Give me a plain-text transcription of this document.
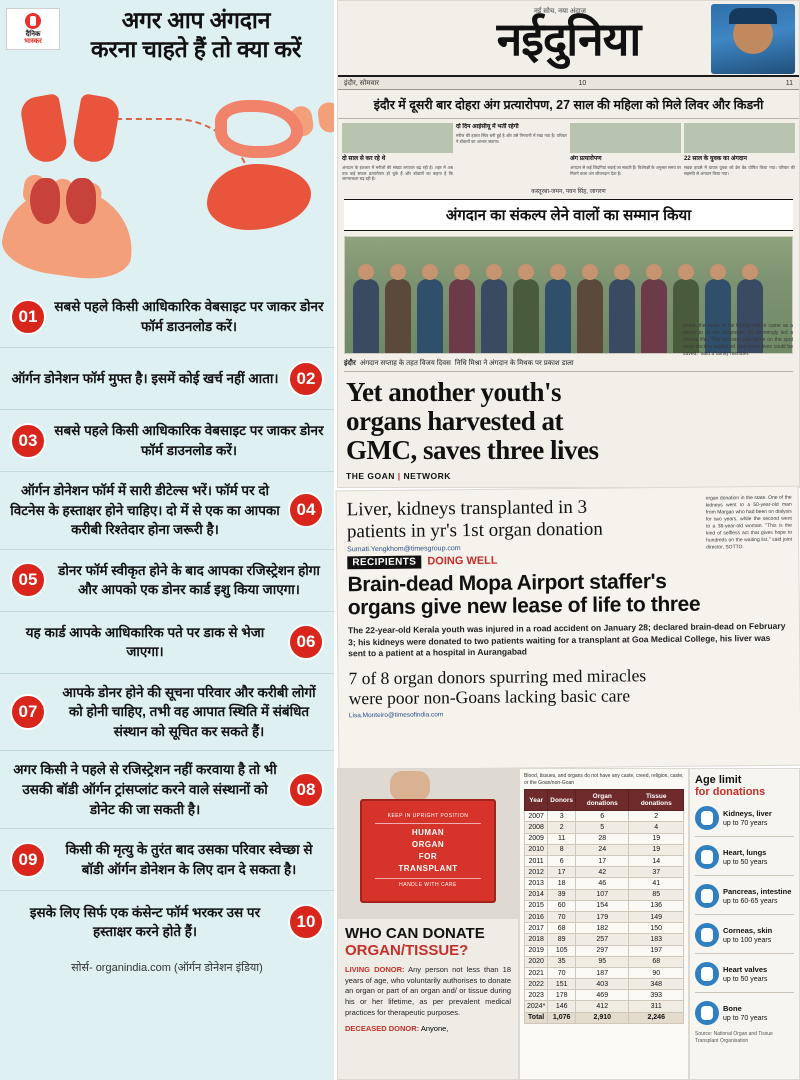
दैनिक
भास्कर
अगर आप अंगदान
करना चाहते हैं तो क्या करें
01
सबसे पहले किसी आधिकारिक वेबसाइट पर जाकर डोनर फॉर्म डाउनलोड करें।
02
ऑर्गन डोनेशन फॉर्म मुफ्त है। इसमें कोई खर्च नहीं आता।
03
सबसे पहले किसी आधिकारिक वेबसाइट पर जाकर डोनर फॉर्म डाउनलोड करें।
04
ऑर्गन डोनेशन फॉर्म में सारी डीटेल्स भरें। फॉर्म पर दो विटनेस के हस्ताक्षर होने चाहिए। दो में से एक का आपका करीबी रिश्तेदार होना जरूरी है।
05
डोनर फॉर्म स्वीकृत होने के बाद आपका रजिस्ट्रेशन होगा और आपको एक डोनर कार्ड इशु किया जाएगा।
06
यह कार्ड आपके आधिकारिक पते पर डाक से भेजा जाएगा।
07
आपके डोनर होने की सूचना परिवार और करीबी लोगों को होनी चाहिए, तभी वह आपात स्थिति में संबंधित संस्थान को सूचित कर सकते हैं।
08
अगर किसी ने पहले से रजिस्ट्रेशन नहीं करवाया है तो भी उसकी बॉडी ऑर्गन ट्रांसप्लांट करने वाले संस्थानों को डोनेट की जा सकती है।
09
किसी की मृत्यु के तुरंत बाद उसका परिवार स्वेच्छा से बॉडी ऑर्गन डोनेशन के लिए दान दे सकता है।
10
इसके लिए सिर्फ एक कंसेन्ट फॉर्म भरकर उस पर हस्ताक्षर करने होते हैं।
सोर्स- organindia.com (ऑर्गन डोनेशन इंडिया)
नई सोच, नया अंदाज
नईदुनिया
इंदौर, सोमवार	10	11
इंदौर में दूसरी बार दोहरा अंग प्रत्यारोपण, 27 साल की महिला को मिले लिवर और किडनी
दो साल से कर रहे थे
अंगदान के इंतजार में मरीजों की संख्या लगातार बढ़ रही है। शहर में अब तक कई सफल प्रत्यारोपण हो चुके हैं और डॉक्टरों का कहना है कि जागरूकता बढ़ रही है।
दो दिन आईसीयू में भर्ती रहेगी
मरीज की हालत स्थिर बनी हुई है और उसे निगरानी में रखा गया है। परिवार ने डॉक्टरों का आभार जताया।
अंग प्रत्यारोपण
अंगदान से कई जिंदगियां बचाई जा सकती हैं। विशेषज्ञों के अनुसार समय पर मिलने वाला अंग जीवनदान देता है।
22 साल के युवक का अंगदान
सड़क हादसे में घायल युवक को ब्रेन डेड घोषित किया गया। परिवार की सहमति से अंगदान किया गया।
कस्तूरबा-जमन, पवन सिंह, जागरण
अंगदान का संकल्प लेने वालों का सम्मान किया
इंदौर अंगदान सप्ताह के तहत विजय दिवस निधि मिश्रा ने अंगदान के मिथक पर प्रकाश डाला
Yet another youth's
organs harvested at
GMC, saves three lives
ondal, the news of his kidney failure came as a shock to all the diagnosis, he seemingly led a normal life. "The decision was taken on the spot once doctors explained how many lives could be saved," said a family member.
THE GOAN | NETWORK
Liver, kidneys transplanted in 3
patients in yr's 1st organ donation
Sumati.Yengkhom@timesgroup.com
RECIPIENTS DOING WELL
Brain-dead Mopa Airport staffer's
organs give new lease of life to three
The 22-year-old Kerala youth was injured in a road accident on January 28; declared brain-dead on February 3; his kidneys were donated to two patients waiting for a transplant at Goa Medical College, his liver was sent to a patient at a hospital in Aurangabad
7 of 8 organ donors spurring med miracles
were poor non-Goans lacking basic care
Lisa.Monteiro@timesofindia.com
organ donation in the state. One of the kidneys went to a 50-year-old man from Margao who had been on dialysis for two years, while the second went to a 38-year-old woman. "This is the kind of selfless act that gives hope to hundreds on the waiting list," said joint director, SOTTO.
KEEP IN UPRIGHT POSITION
HUMAN
ORGAN
FOR
TRANSPLANT
HANDLE WITH CARE
WHO CAN DONATE
ORGAN/TISSUE?
LIVING DONOR: Any person not less than 18 years of age, who voluntarily authorises to donate an organ or part of an organ and/ or tissue during his or her lifetime, as per prevalent medical practices for therapeutic purposes.
DECEASED DONOR: Anyone,
Blood, tissues, and organs do not have any caste, creed, religion, caste, or the Goan/non-Goan
Year	Donors	Organ donations	Tissue donations
2007	3	6	2
2008	2	5	4
2009	11	28	19
2010	8	24	19
2011	6	17	14
2012	17	42	37
2013	18	46	41
2014	39	107	85
2015	60	154	136
2016	70	179	149
2017	68	182	150
2018	89	257	183
2019	105	297	197
2020	35	95	68
2021	70	187	90
2022	151	403	348
2023	178	469	393
2024*	146	412	311
Total	1,076	2,910	2,246
Age limit
for donations
Kidneys, liver
up to 70 years
Heart, lungs
up to 50 years
Pancreas, intestine
up to 60-65 years
Corneas, skin
up to 100 years
Heart valves
up to 50 years
Bone
up to 70 years
Source: National Organ and Tissue Transplant Organisation
